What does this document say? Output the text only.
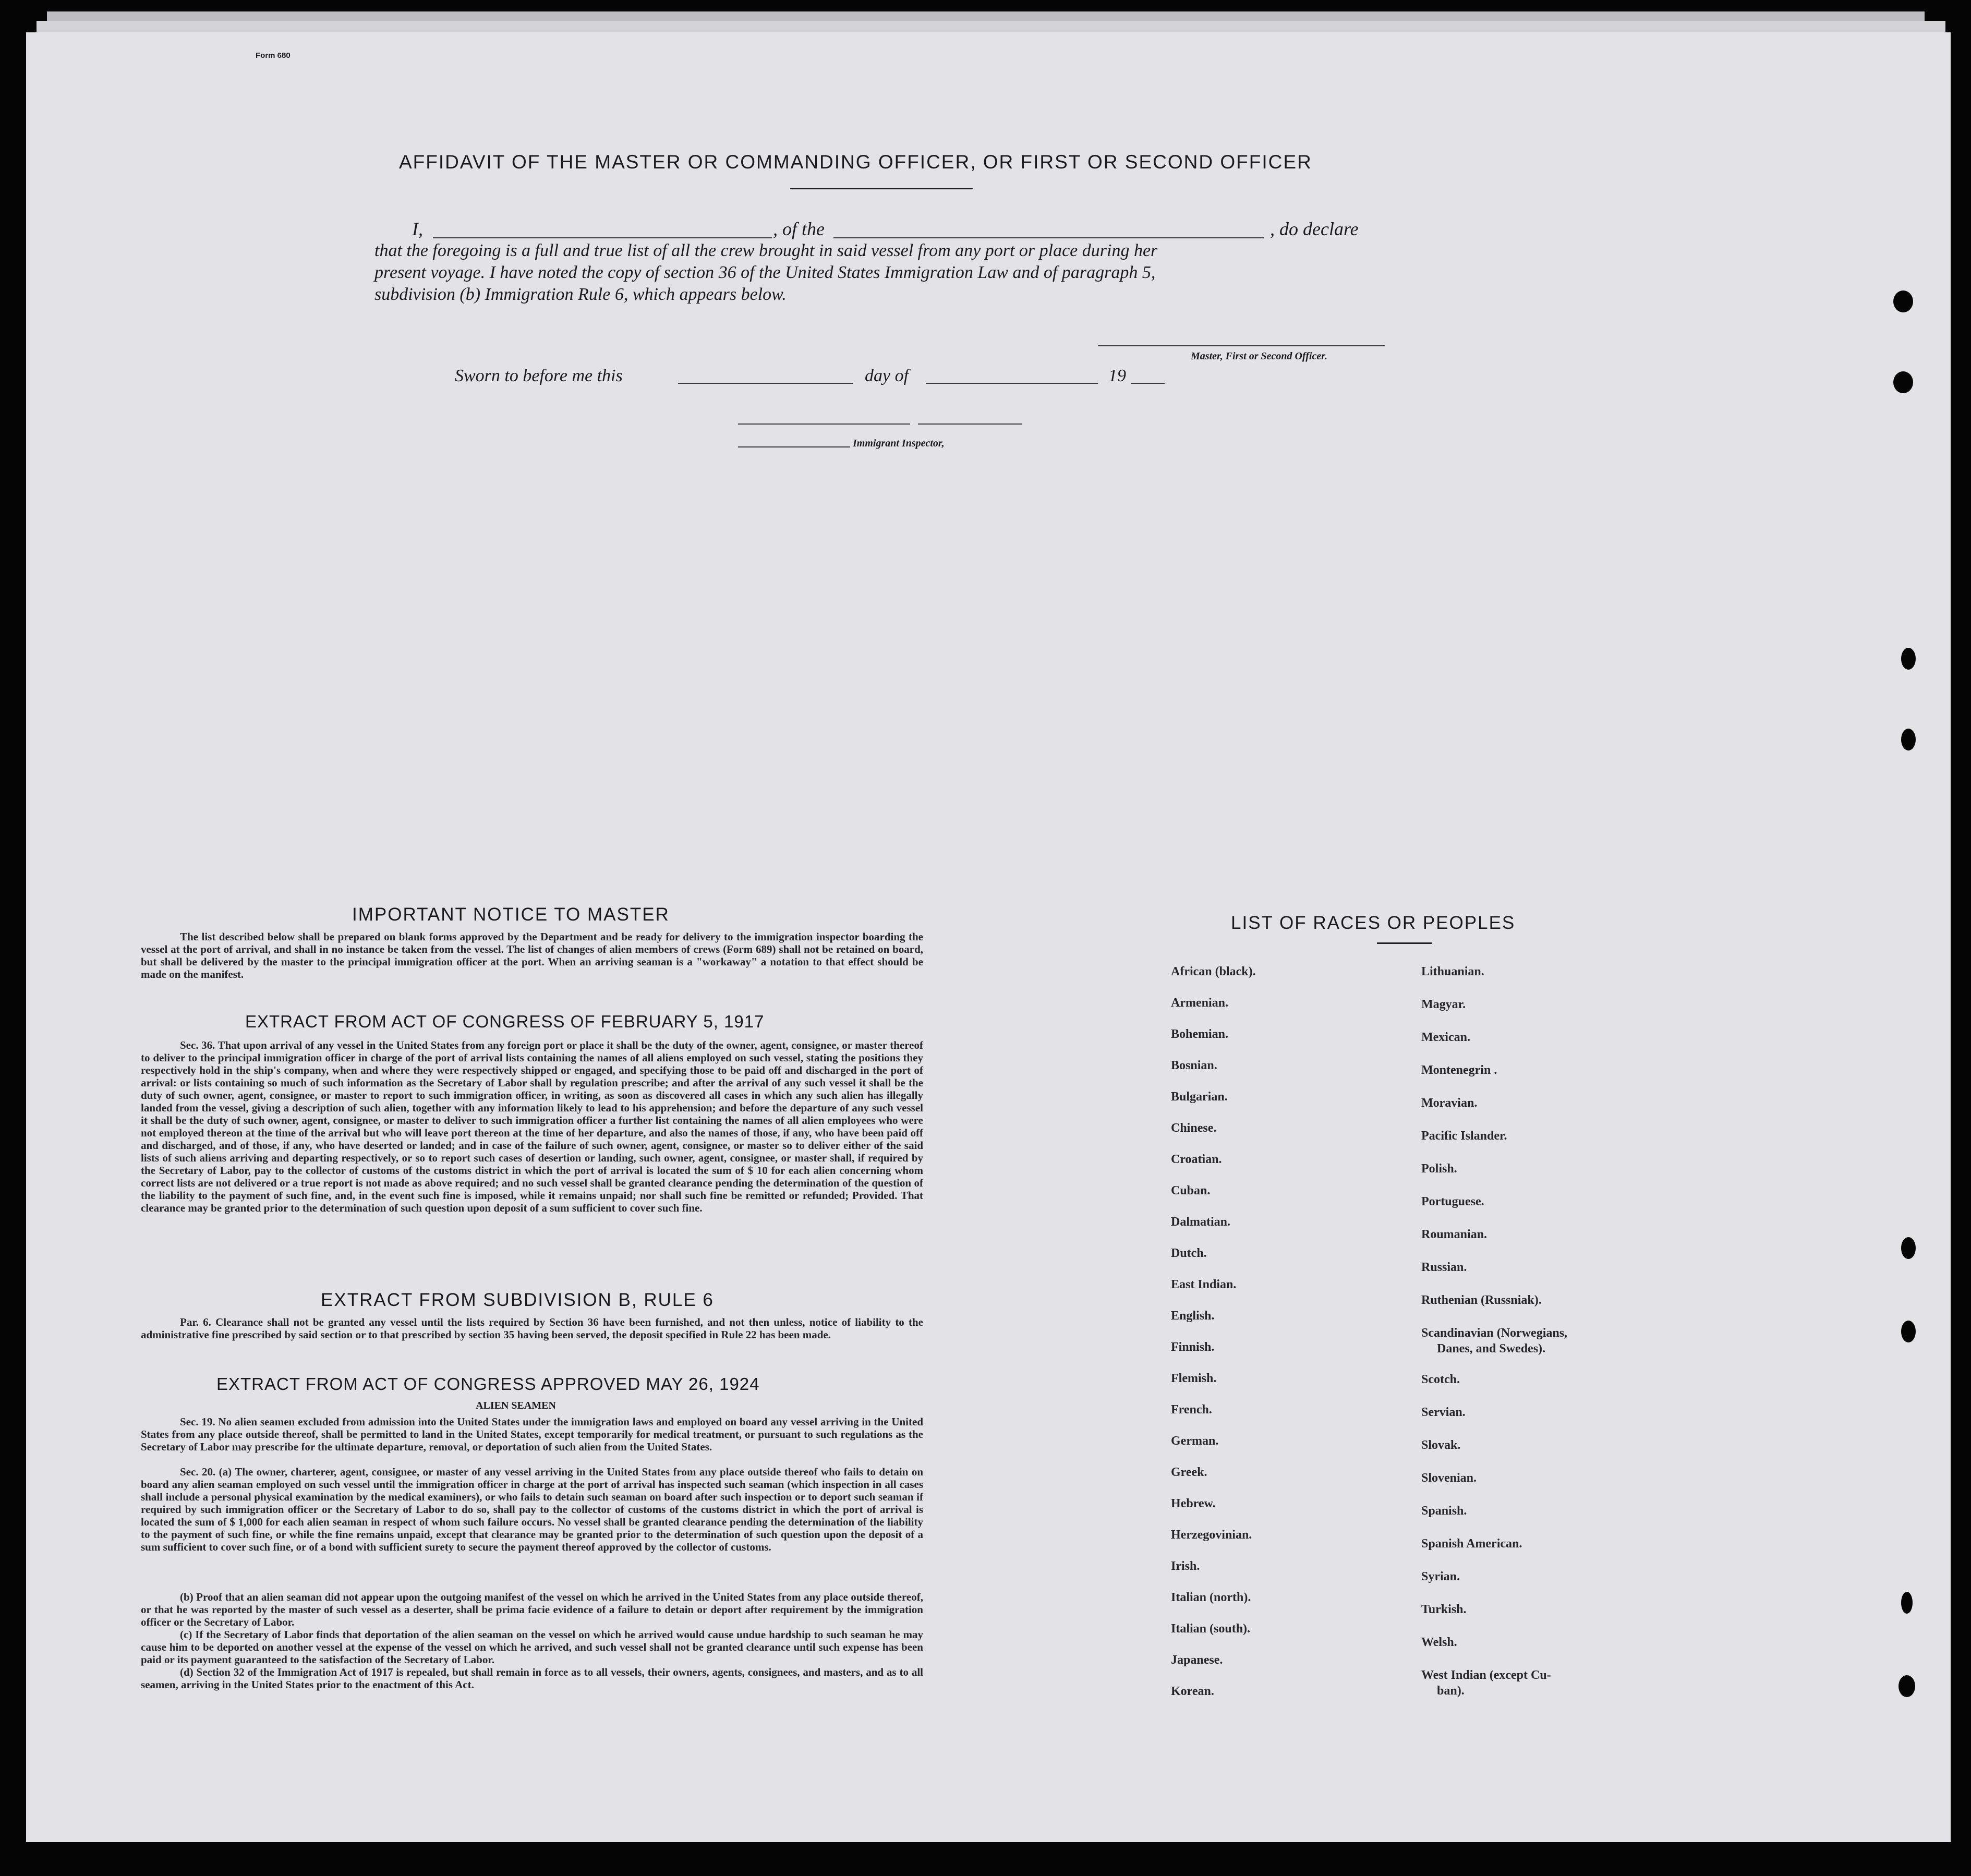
Form 680
AFFIDAVIT OF THE MASTER OR COMMANDING OFFICER, OR FIRST OR SECOND OFFICER
I,	, of the	, do declare
that the foregoing is a full and true list of all the crew brought in said vessel from any port or place during her
present voyage. I have noted the copy of section 36 of the United States Immigration Law and of paragraph 5,
subdivision (b) Immigration Rule 6, which appears below.
Master, First or Second Officer.
Sworn to before me this	day of	19
Immigrant Inspector,
IMPORTANT NOTICE TO MASTER
The list described below shall be prepared on blank forms approved by the Department and be ready for delivery to the immigration inspector boarding the vessel at the port of arrival, and shall in no instance be taken from the vessel. The list of changes of alien members of crews (Form 689) shall not be retained on board, but shall be delivered by the master to the principal immigration officer at the port. When an arriving seaman is a "workaway" a notation to that effect should be made on the manifest.
EXTRACT FROM ACT OF CONGRESS OF FEBRUARY 5, 1917
Sec. 36. That upon arrival of any vessel in the United States from any foreign port or place it shall be the duty of the owner, agent, consignee, or master thereof to deliver to the principal immigration officer in charge of the port of arrival lists containing the names of all aliens employed on such vessel, stating the positions they respectively hold in the ship's company, when and where they were respectively shipped or engaged, and specifying those to be paid off and discharged in the port of arrival: or lists containing so much of such information as the Secretary of Labor shall by regulation prescribe; and after the arrival of any such vessel it shall be the duty of such owner, agent, consignee, or master to report to such immigration officer, in writing, as soon as discovered all cases in which any such alien has illegally landed from the vessel, giving a description of such alien, together with any information likely to lead to his apprehension; and before the departure of any such vessel it shall be the duty of such owner, agent, consignee, or master to deliver to such immigration officer a further list containing the names of all alien employees who were not employed thereon at the time of the arrival but who will leave port thereon at the time of her departure, and also the names of those, if any, who have been paid off and discharged, and of those, if any, who have deserted or landed; and in case of the failure of such owner, agent, consignee, or master so to deliver either of the said lists of such aliens arriving and departing respectively, or so to report such cases of desertion or landing, such owner, agent, consignee, or master shall, if required by the Secretary of Labor, pay to the collector of customs of the customs district in which the port of arrival is located the sum of $ 10 for each alien concerning whom correct lists are not delivered or a true report is not made as above required; and no such vessel shall be granted clearance pending the determination of the question of the liability to the payment of such fine, and, in the event such fine is imposed, while it remains unpaid; nor shall such fine be remitted or refunded; Provided. That clearance may be granted prior to the determination of such question upon deposit of a sum sufficient to cover such fine.
EXTRACT FROM SUBDIVISION B, RULE 6
Par. 6. Clearance shall not be granted any vessel until the lists required by Section 36 have been furnished, and not then unless, notice of liability to the administrative fine prescribed by said section or to that prescribed by section 35 having been served, the deposit specified in Rule 22 has been made.
EXTRACT FROM ACT OF CONGRESS APPROVED MAY 26, 1924
ALIEN SEAMEN
Sec. 19. No alien seamen excluded from admission into the United States under the immigration laws and employed on board any vessel arriving in the United States from any place outside thereof, shall be permitted to land in the United States, except temporarily for medical treatment, or pursuant to such regulations as the Secretary of Labor may prescribe for the ultimate departure, removal, or deportation of such alien from the United States.
Sec. 20. (a) The owner, charterer, agent, consignee, or master of any vessel arriving in the United States from any place outside thereof who fails to detain on board any alien seaman employed on such vessel until the immigration officer in charge at the port of arrival has inspected such seaman (which inspection in all cases shall include a personal physical examination by the medical examiners), or who fails to detain such seaman on board after such inspection or to deport such seaman if required by such immigration officer or the Secretary of Labor to do so, shall pay to the collector of customs of the customs district in which the port of arrival is located the sum of $ 1,000 for each alien seaman in respect of whom such failure occurs. No vessel shall be granted clearance pending the determination of the liability to the payment of such fine, or while the fine remains unpaid, except that clearance may be granted prior to the determination of such question upon the deposit of a sum sufficient to cover such fine, or of a bond with sufficient surety to secure the payment thereof approved by the collector of customs.
(b) Proof that an alien seaman did not appear upon the outgoing manifest of the vessel on which he arrived in the United States from any place outside thereof, or that he was reported by the master of such vessel as a deserter, shall be prima facie evidence of a failure to detain or deport after requirement by the immigration officer or the Secretary of Labor.
(c) If the Secretary of Labor finds that deportation of the alien seaman on the vessel on which he arrived would cause undue hardship to such seaman he may cause him to be deported on another vessel at the expense of the vessel on which he arrived, and such vessel shall not be granted clearance until such expense has been paid or its payment guaranteed to the satisfaction of the Secretary of Labor.
(d) Section 32 of the Immigration Act of 1917 is repealed, but shall remain in force as to all vessels, their owners, agents, consignees, and masters, and as to all seamen, arriving in the United States prior to the enactment of this Act.
LIST OF RACES OR PEOPLES
African (black).
Armenian.
Bohemian.
Bosnian.
Bulgarian.
Chinese.
Croatian.
Cuban.
Dalmatian.
Dutch.
East Indian.
English.
Finnish.
Flemish.
French.
German.
Greek.
Hebrew.
Herzegovinian.
Irish.
Italian (north).
Italian (south).
Japanese.
Korean.
Lithuanian.
Magyar.
Mexican.
Montenegrin .
Moravian.
Pacific Islander.
Polish.
Portuguese.
Roumanian.
Russian.
Ruthenian (Russniak).
Scandinavian (Norwegians,
Danes, and Swedes).
Scotch.
Servian.
Slovak.
Slovenian.
Spanish.
Spanish American.
Syrian.
Turkish.
Welsh.
West Indian (except Cu-
ban).
